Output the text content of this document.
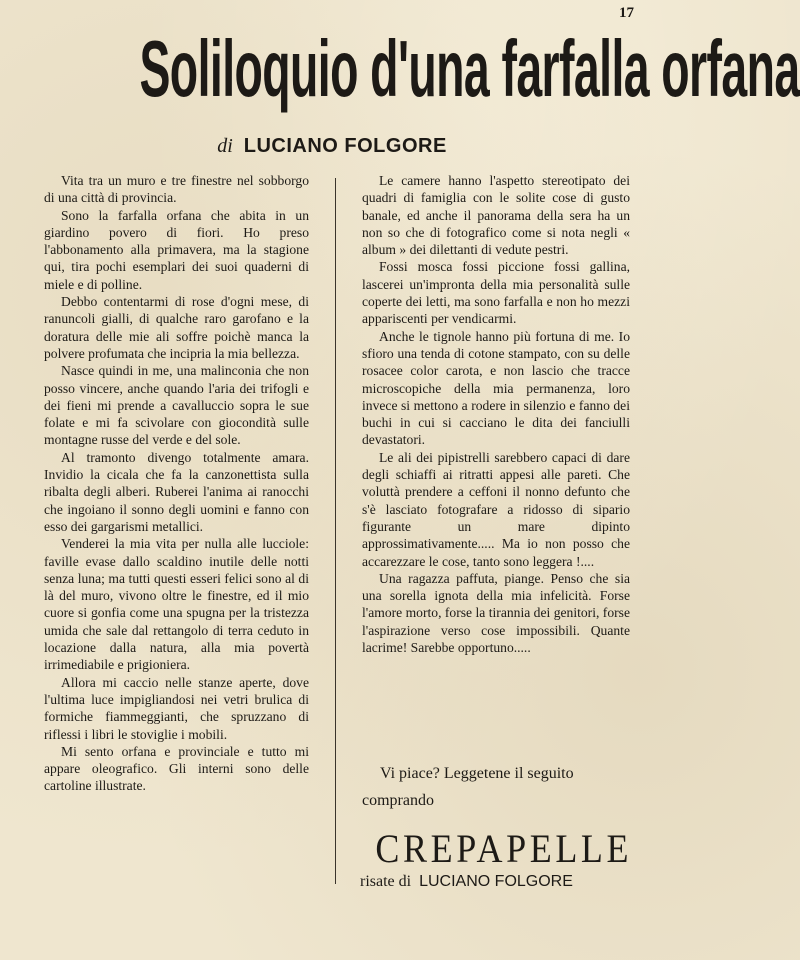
17
Soliloquio d'una farfalla orfana
di LUCIANO FOLGORE

Vita tra un muro e tre finestre nel sobborgo di una città di provincia.

Sono la farfalla orfana che abita in un giardino povero di fiori. Ho preso l'abbonamento alla primavera, ma la stagione qui, tira pochi esemplari dei suoi quaderni di miele e di polline.

Debbo contentarmi di rose d'ogni mese, di ranuncoli gialli, di qualche raro garofano e la doratura delle mie ali soffre poichè manca la polvere profumata che incipria la mia bellezza.

Nasce quindi in me, una malinconia che non posso vincere, anche quando l'aria dei trifogli e dei fieni mi prende a cavalluccio sopra le sue folate e mi fa scivolare con giocondità sulle montagne russe del verde e del sole.

Al tramonto divengo totalmente amara. Invidio la cicala che fa la canzonettista sulla ribalta degli alberi. Ruberei l'anima ai ranocchi che ingoiano il sonno degli uomini e fanno con esso dei gargarismi metallici.

Venderei la mia vita per nulla alle lucciole: faville evase dallo scaldino inutile delle notti senza luna; ma tutti questi esseri felici sono al di là del muro, vivono oltre le finestre, ed il mio cuore si gonfia come una spugna per la tristezza umida che sale dal rettangolo di terra ceduto in locazione dalla natura, alla mia povertà irrimediabile e prigioniera.

Allora mi caccio nelle stanze aperte, dove l'ultima luce impigliandosi nei vetri brulica di formiche fiammeggianti, che spruzzano di riflessi i libri le stoviglie i mobili.

Mi sento orfana e provinciale e tutto mi appare oleografico. Gli interni sono delle cartoline illustrate.

Le camere hanno l'aspetto stereotipato dei quadri di famiglia con le solite cose di gusto banale, ed anche il panorama della sera ha un non so che di fotografico come si nota negli « album » dei dilettanti di vedute pestri.

Fossi mosca fossi piccione fossi gallina, lascerei un'impronta della mia personalità sulle coperte dei letti, ma sono farfalla e non ho mezzi appariscenti per vendicarmi.

Anche le tignole hanno più fortuna di me. Io sfioro una tenda di cotone stampato, con su delle rosacee color carota, e non lascio che tracce microscopiche della mia permanenza, loro invece si mettono a rodere in silenzio e fanno dei buchi in cui si cacciano le dita dei fanciulli devastatori.

Le ali dei pipistrelli sarebbero capaci di dare degli schiaffi ai ritratti appesi alle pareti. Che voluttà prendere a ceffoni il nonno defunto che s'è lasciato fotografare a ridosso di sipario figurante un mare dipinto approssimativamente..... Ma io non posso che accarezzare le cose, tanto sono leggera !....

Una ragazza paffuta, piange. Penso che sia una sorella ignota della mia infelicità. Forse l'amore morto, forse la tirannia dei genitori, forse l'aspirazione verso cose impossibili. Quante lacrime! Sarebbe opportuno.....

Vi piace? Leggetene il seguito
comprando
CREPAPELLE
risate di LUCIANO FOLGORE
